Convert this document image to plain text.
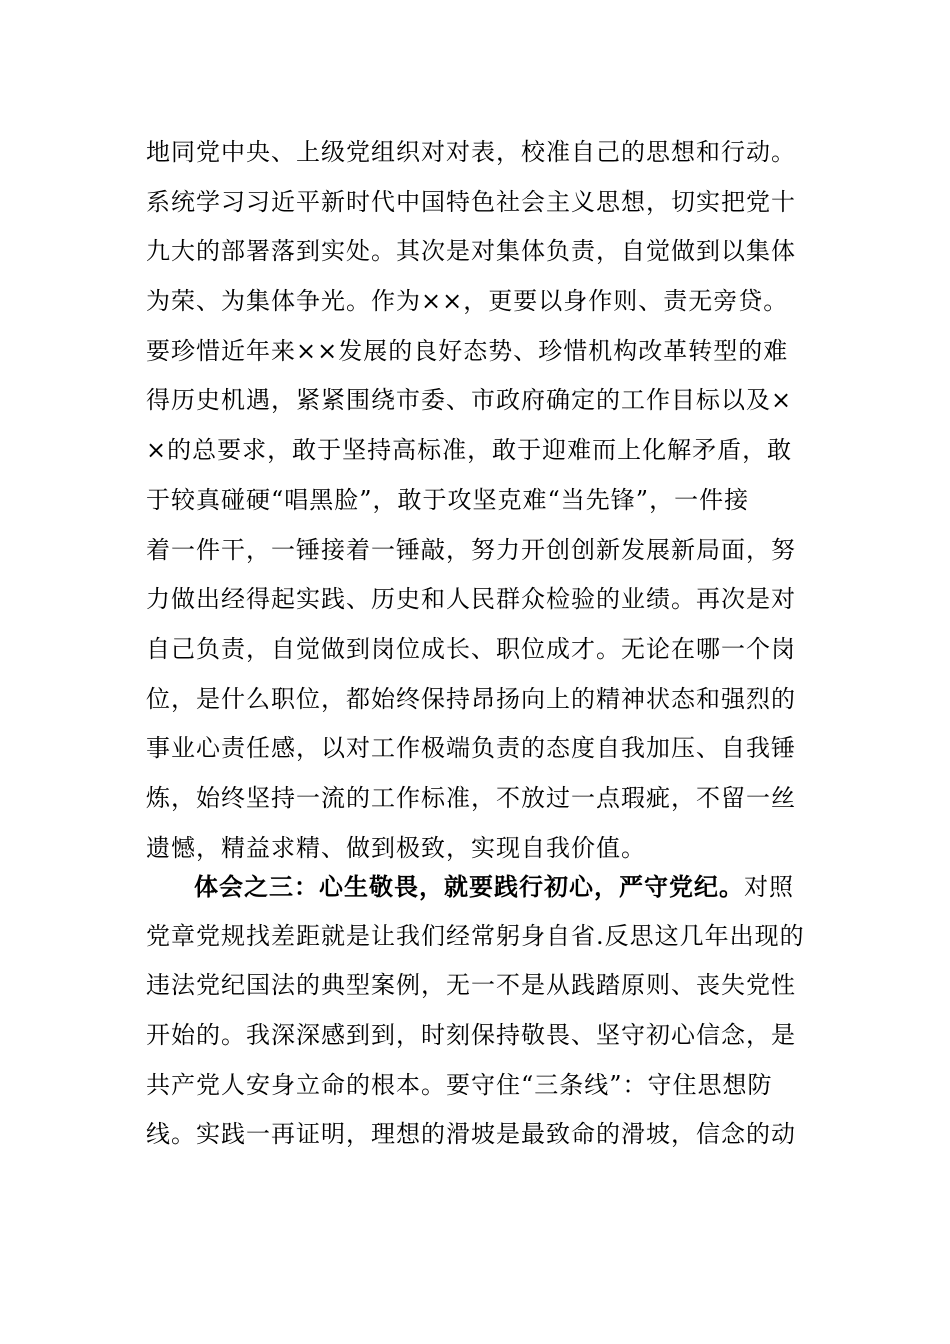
地同党中央、上级党组织对对表，校准自己的思想和行动。
系统学习习近平新时代中国特色社会主义思想，切实把党十
九大的部署落到实处。其次是对集体负责，自觉做到以集体
为荣、为集体争光。作为××，更要以身作则、责无旁贷。
要珍惜近年来××发展的良好态势、珍惜机构改革转型的难
得历史机遇，紧紧围绕市委、市政府确定的工作目标以及×
×的总要求，敢于坚持高标准，敢于迎难而上化解矛盾，敢
于较真碰硬“唱黑脸”，敢于攻坚克难“当先锋”，一件接
着一件干，一锤接着一锤敲，努力开创创新发展新局面，努
力做出经得起实践、历史和人民群众检验的业绩。再次是对
自己负责，自觉做到岗位成长、职位成才。无论在哪一个岗
位，是什么职位，都始终保持昂扬向上的精神状态和强烈的
事业心责任感，以对工作极端负责的态度自我加压、自我锤
炼，始终坚持一流的工作标准，不放过一点瑕疵，不留一丝
遗憾，精益求精、做到极致，实现自我价值。
体会之三：心生敬畏，就要践行初心，严守党纪。对照
党章党规找差距就是让我们经常躬身自省.反思这几年出现的
违法党纪国法的典型案例，无一不是从践踏原则、丧失党性
开始的。我深深感到到，时刻保持敬畏、坚守初心信念，是
共产党人安身立命的根本。要守住“三条线”：守住思想防
线。实践一再证明，理想的滑坡是最致命的滑坡，信念的动
